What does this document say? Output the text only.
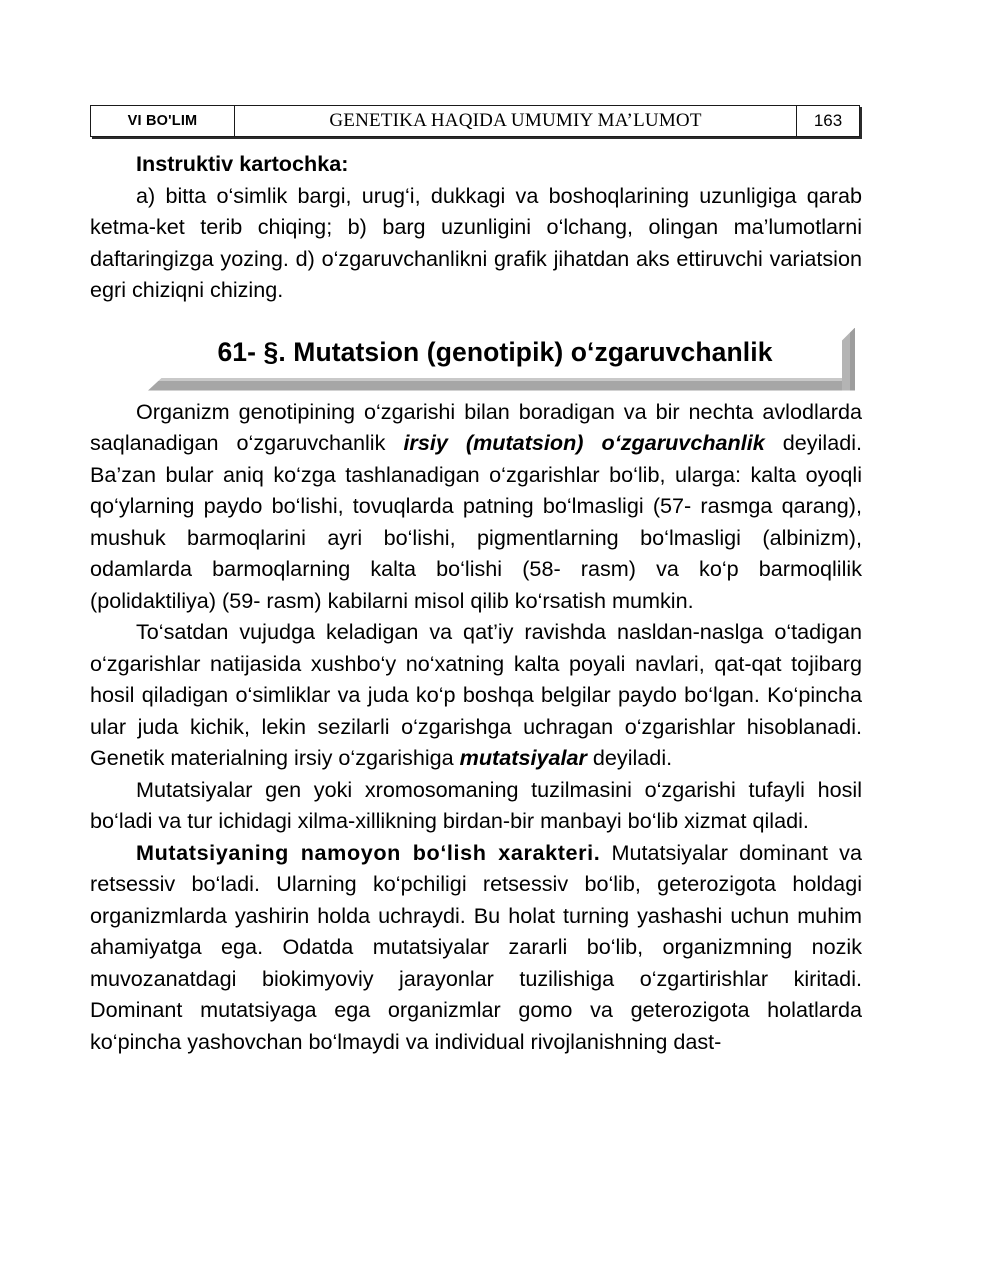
VI BO'LIM	GENETIKA HAQIDA UMUMIY MA’LUMOT	163
Instruktiv kartochka:

a) bitta o‘simlik bargi, urug‘i, dukkagi va boshoqlarining uzunligiga qarab ketma-ket terib chiqing; b) barg uzunligini o‘lchang, olingan ma’lumotlarni daftaringizga yozing. d) o‘zgaruvchanlikni grafik jihatdan aks ettiruvchi variatsion egri chiziqni chizing.

61- §. Mutatsion (genotipik) o‘zgaruvchanlik

Organizm genotipining o‘zgarishi bilan boradigan va bir nechta avlodlarda saqlanadigan o‘zgaruvchanlik irsiy (mutatsion) o‘zgaruvchanlik deyiladi. Ba’zan bular aniq ko‘zga tashlanadigan o‘zgarishlar bo‘lib, ularga: kalta oyoqli qo‘ylarning paydo bo‘lishi, tovuqlarda patning bo‘lmasligi (57- rasmga qarang), mushuk barmoqlarini ayri bo‘lishi, pigmentlarning bo‘lmasligi (albinizm), odamlarda barmoqlarning kalta bo‘lishi (58- rasm) va ko‘p barmoqlilik (polidaktiliya) (59- rasm) kabilarni misol qilib ko‘rsatish mumkin.

To‘satdan vujudga keladigan va qat’iy ravishda nasldan-naslga o‘tadigan o‘zgarishlar natijasida xushbo‘y no‘xatning kalta poyali navlari, qat-qat tojibarg hosil qiladigan o‘simliklar va juda ko‘p boshqa belgilar paydo bo‘lgan. Ko‘pincha ular juda kichik, lekin sezilarli o‘zgarishga uchragan o‘zgarishlar hisoblanadi. Genetik materialning irsiy o‘zgarishiga mutatsiyalar deyiladi.

Mutatsiyalar gen yoki xromosomaning tuzilmasini o‘zgarishi tufayli hosil bo‘ladi va tur ichidagi xilma-xillikning birdan-bir manbayi bo‘lib xizmat qiladi.

Mutatsiyaning namoyon bo‘lish xarakteri. Mutatsiyalar dominant va retsessiv bo‘ladi. Ularning ko‘pchiligi retsessiv bo‘lib, geterozigota holdagi organizmlarda yashirin holda uchraydi. Bu holat turning yashashi uchun muhim ahamiyatga ega. Odatda mutatsiyalar zararli bo‘lib, organizmning nozik muvozanatdagi biokimyoviy jarayonlar tuzilishiga o‘zgartirishlar kiritadi. Dominant mutatsiyaga ega organizmlar gomo va geterozigota holatlarda ko‘pincha yashovchan bo‘lmaydi va individual rivojlanishning dast-
